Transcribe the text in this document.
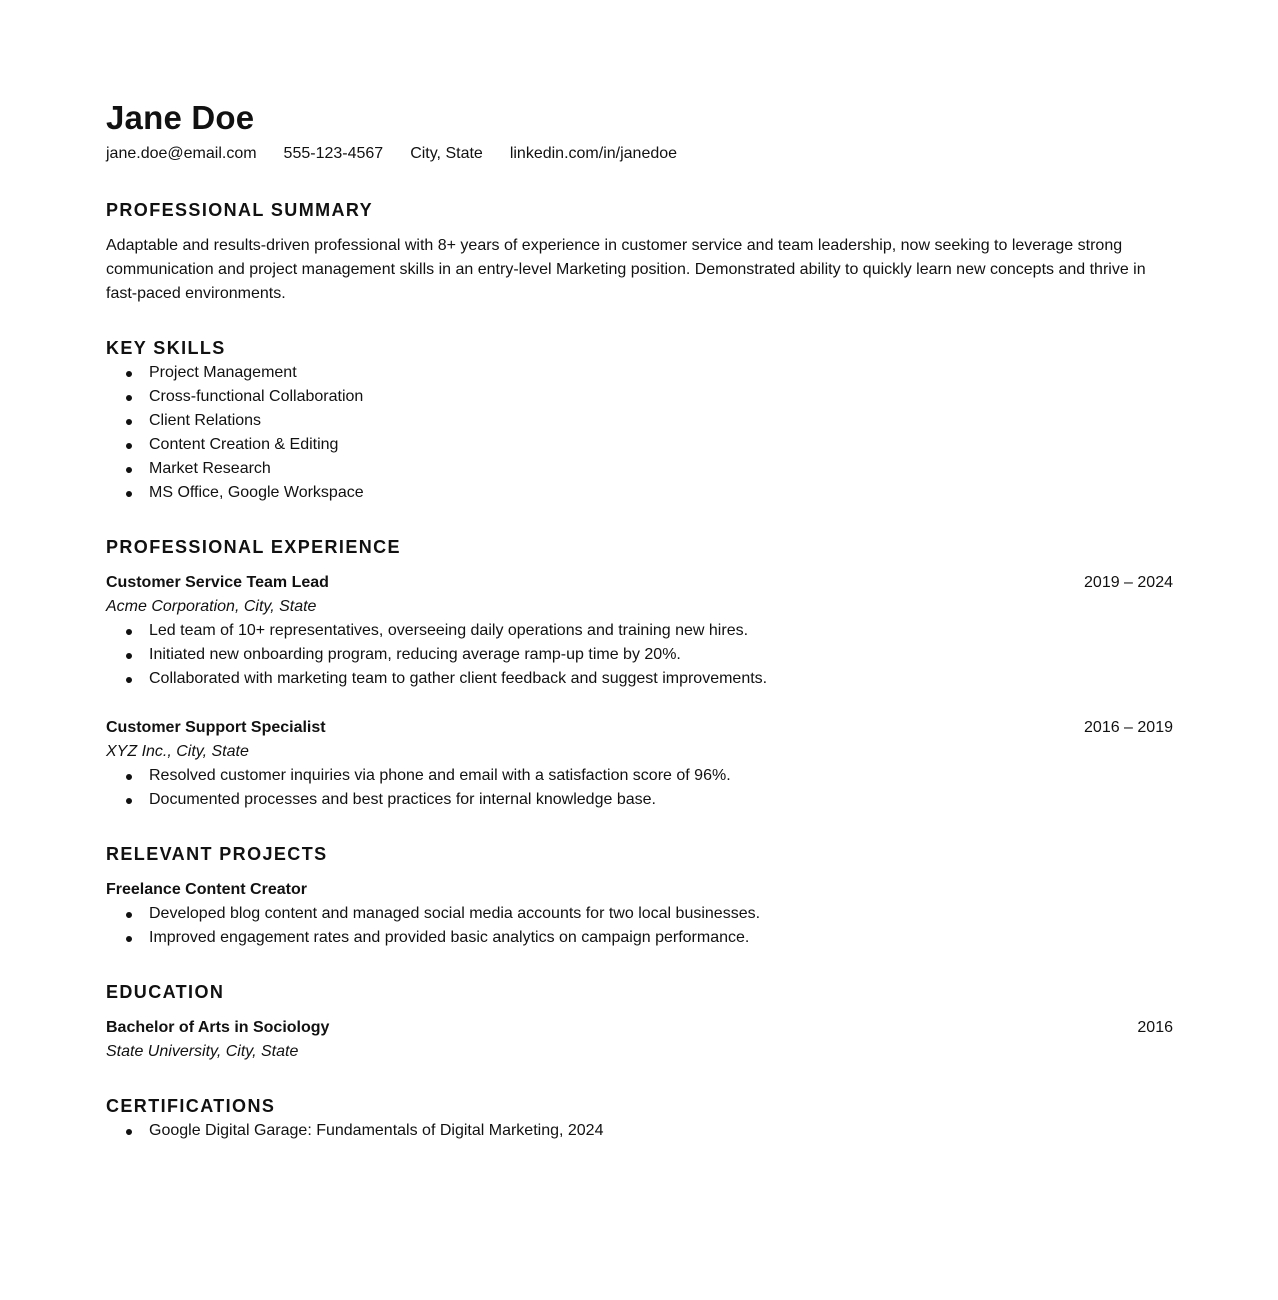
Jane Doe
jane.doe@email.com 555-123-4567 City, State linkedin.com/in/janedoe
PROFESSIONAL SUMMARY

Adaptable and results-driven professional with 8+ years of experience in customer service and team leadership, now seeking to leverage strong communication and project management skills in an entry-level Marketing position. Demonstrated ability to quickly learn new concepts and thrive in fast-paced environments.

KEY SKILLS
Project Management
Cross-functional Collaboration
Client Relations
Content Creation & Editing
Market Research
MS Office, Google Workspace
PROFESSIONAL EXPERIENCE
Customer Service Team Lead	2019 – 2024
Acme Corporation, City, State
Led team of 10+ representatives, overseeing daily operations and training new hires.
Initiated new onboarding program, reducing average ramp-up time by 20%.
Collaborated with marketing team to gather client feedback and suggest improvements.
Customer Support Specialist	2016 – 2019
XYZ Inc., City, State
Resolved customer inquiries via phone and email with a satisfaction score of 96%.
Documented processes and best practices for internal knowledge base.
RELEVANT PROJECTS
Freelance Content Creator
Developed blog content and managed social media accounts for two local businesses.
Improved engagement rates and provided basic analytics on campaign performance.
EDUCATION
Bachelor of Arts in Sociology	2016
State University, City, State
CERTIFICATIONS
Google Digital Garage: Fundamentals of Digital Marketing, 2024
